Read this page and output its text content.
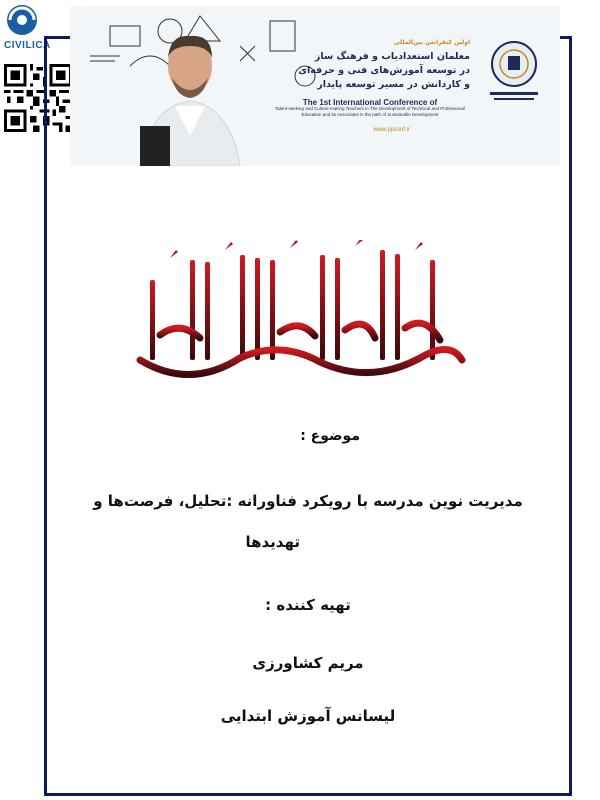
CIVILICA	اولین کنفرانس بین‌المللی
معلمان استعدادیاب و فرهنگ ساز
در توسعه آموزش‌های فنی و حرفه‌ای
و کاردانش در مسیر توسعه پایدار
The 1st International Conference of
Talent-seeking and Culture-making Teachers in The Development of Technical and Professional Education and its Associates in the path of Sustainable Development
www.pjlconf.ir
موضوع :
مدیریت نوین مدرسه با رویکرد فناورانه :تحلیل، فرصت‌ها و
تهدیدها
تهیه کننده :
مریم کشاورزی
لیسانس آموزش ابتدایی
